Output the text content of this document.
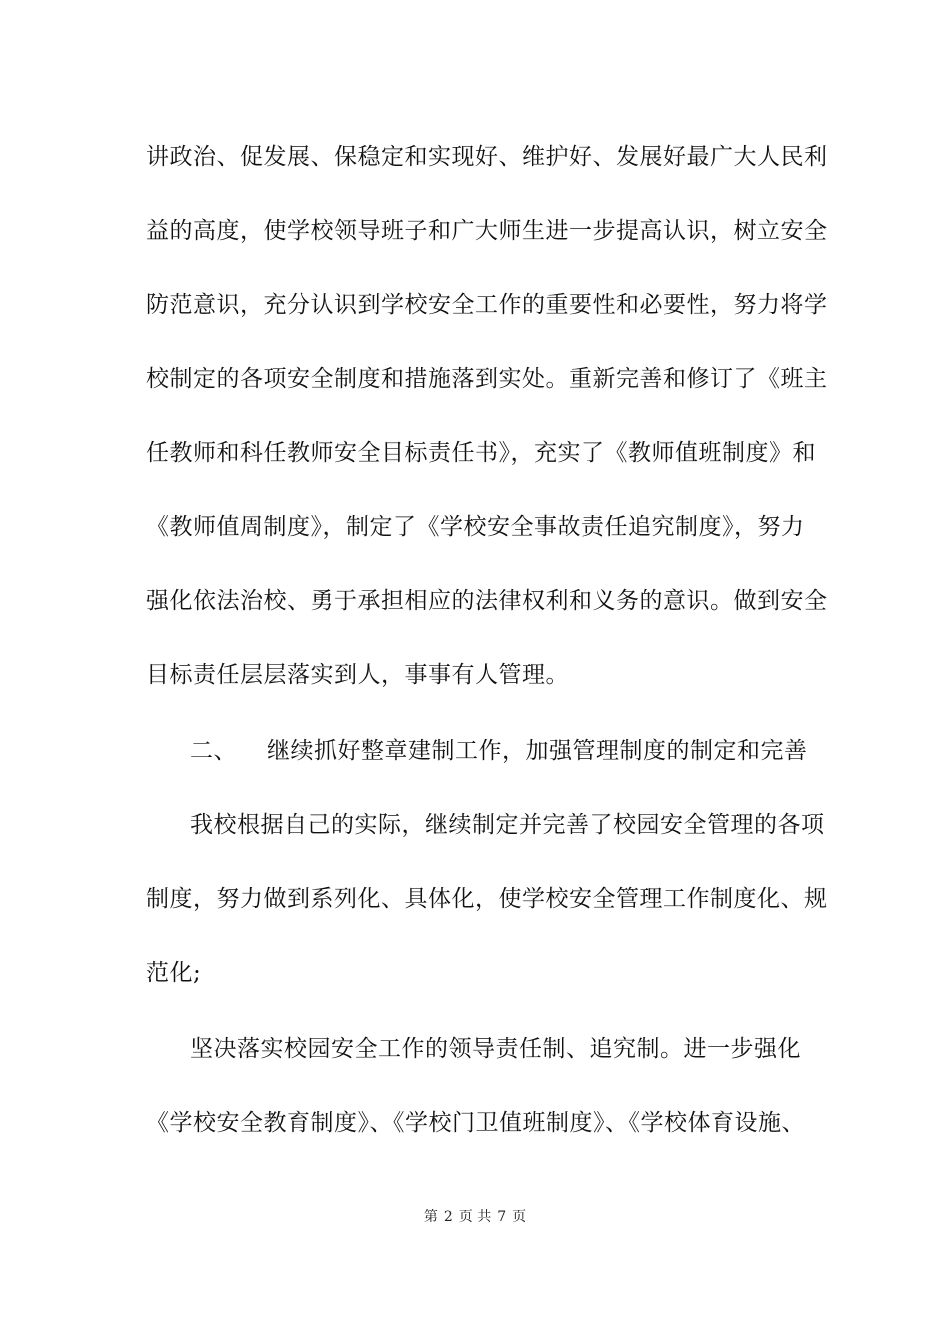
讲政治、促发展、保稳定和实现好、维护好、发展好最广大人民利
益的高度，使学校领导班子和广大师生进一步提高认识，树立安全
防范意识，充分认识到学校安全工作的重要性和必要性，努力将学
校制定的各项安全制度和措施落到实处。重新完善和修订了《班主
任教师和科任教师安全目标责任书》，充实了《教师值班制度》和
《教师值周制度》，制定了《学校安全事故责任追究制度》，努力
强化依法治校、勇于承担相应的法律权利和义务的意识。做到安全
目标责任层层落实到人，事事有人管理。
二、 继续抓好整章建制工作，加强管理制度的制定和完善
我校根据自己的实际，继续制定并完善了校园安全管理的各项
制度，努力做到系列化、具体化，使学校安全管理工作制度化、规
范化;
坚决落实校园安全工作的领导责任制、追究制。进一步强化
《学校安全教育制度》、《学校门卫值班制度》、《学校体育设施、
第 2 页 共 7 页
